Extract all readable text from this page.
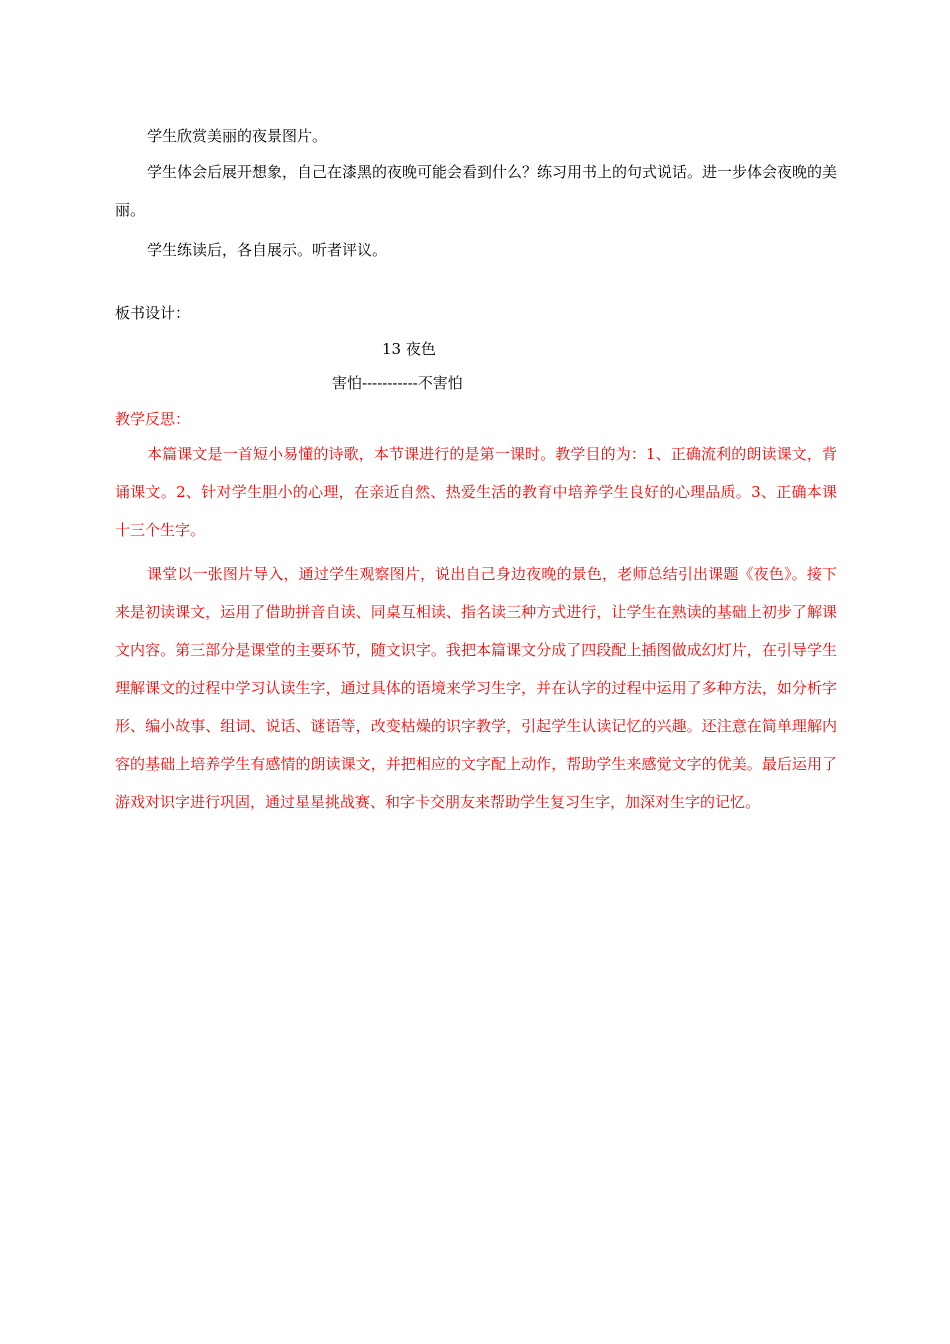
学生欣赏美丽的夜景图片。
学生体会后展开想象，自己在漆黑的夜晚可能会看到什么？练习用书上的句式说话。进一步体会夜晚的美丽。
学生练读后，各自展示。听者评议。
板书设计：
13 夜色
害怕-----------不害怕
教学反思：
本篇课文是一首短小易懂的诗歌，本节课进行的是第一课时。教学目的为：1、正确流利的朗读课文，背诵课文。2、针对学生胆小的心理，在亲近自然、热爱生活的教育中培养学生良好的心理品质。3、正确本课十三个生字。
课堂以一张图片导入，通过学生观察图片，说出自己身边夜晚的景色，老师总结引出课题《夜色》。接下来是初读课文，运用了借助拼音自读、同桌互相读、指名读三种方式进行，让学生在熟读的基础上初步了解课文内容。第三部分是课堂的主要环节，随文识字。我把本篇课文分成了四段配上插图做成幻灯片，在引导学生理解课文的过程中学习认读生字，通过具体的语境来学习生字，并在认字的过程中运用了多种方法，如分析字形、编小故事、组词、说话、谜语等，改变枯燥的识字教学，引起学生认读记忆的兴趣。还注意在简单理解内容的基础上培养学生有感情的朗读课文，并把相应的文字配上动作，帮助学生来感觉文字的优美。最后运用了游戏对识字进行巩固，通过星星挑战赛、和字卡交朋友来帮助学生复习生字，加深对生字的记忆。
